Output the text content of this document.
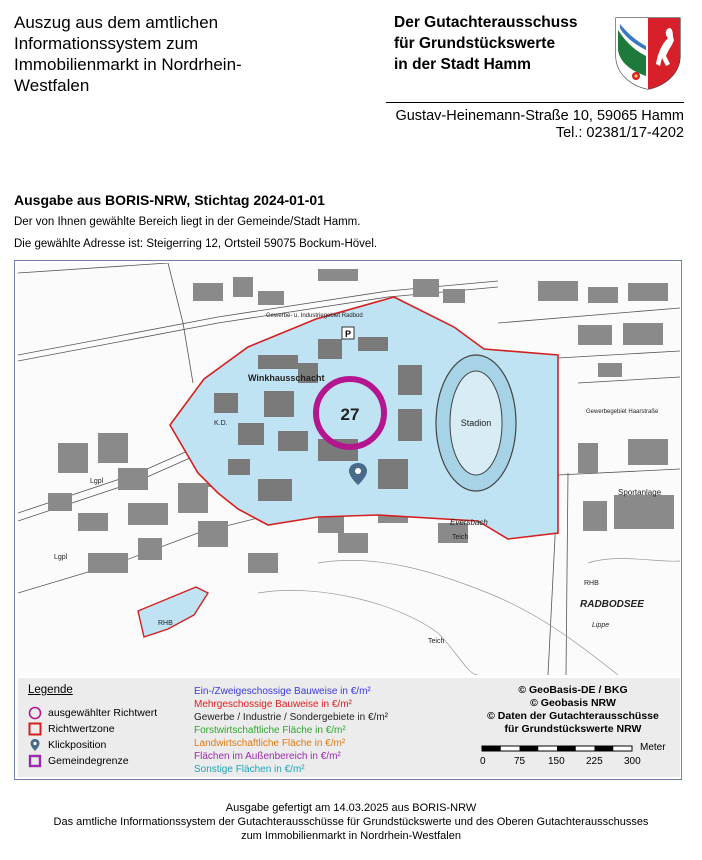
Auszug aus dem amtlichen
Informationssystem zum
Immobilienmarkt in Nordrhein-
Westfalen
Der Gutachterausschuss
für Grundstückswerte
in der Stadt Hamm
Gustav-Heinemann-Straße 10, 59065 Hamm
Tel.: 02381/17-4202
Ausgabe aus BORIS-NRW, Stichtag 2024-01-01
Der von Ihnen gewählte Bereich liegt in der Gemeinde/Stadt Hamm.
Die gewählte Adresse ist: Steigerring 12, Ortsteil 59075 Bockum-Hövel.
27
Winkhausschacht
Stadion
Sportanlage
RADBODSEE
Eversbach
Teich
Teich
RHB
RHB
Lgpl
Lgpl
Lippe
K.D.
Gewerbegebiet Haarstraße
Gewerbe- u. Industriegebiet Radbod
P
Legende
ausgewählter Richtwert
Richtwertzone
Klickposition
Gemeindegrenze
Ein-/Zweigeschossige Bauweise in €/m²
Mehrgeschossige Bauweise in €/m²
Gewerbe / Industrie / Sondergebiete in €/m²
Forstwirtschaftliche Fläche in €/m²
Landwirtschaftliche Fläche in €/m²
Flächen im Außenbereich in €/m²
Sonstige Flächen in €/m²
© GeoBasis-DE / BKG
© Geobasis NRW
© Daten der Gutachterausschüsse
für Grundstückswerte NRW
Meter
0	75 150 225 300
Ausgabe gefertigt am 14.03.2025 aus BORIS-NRW
Das amtliche Informationssystem der Gutachterausschüsse für Grundstückswerte und des Oberen Gutachterausschusses
zum Immobilienmarkt in Nordrhein-Westfalen
